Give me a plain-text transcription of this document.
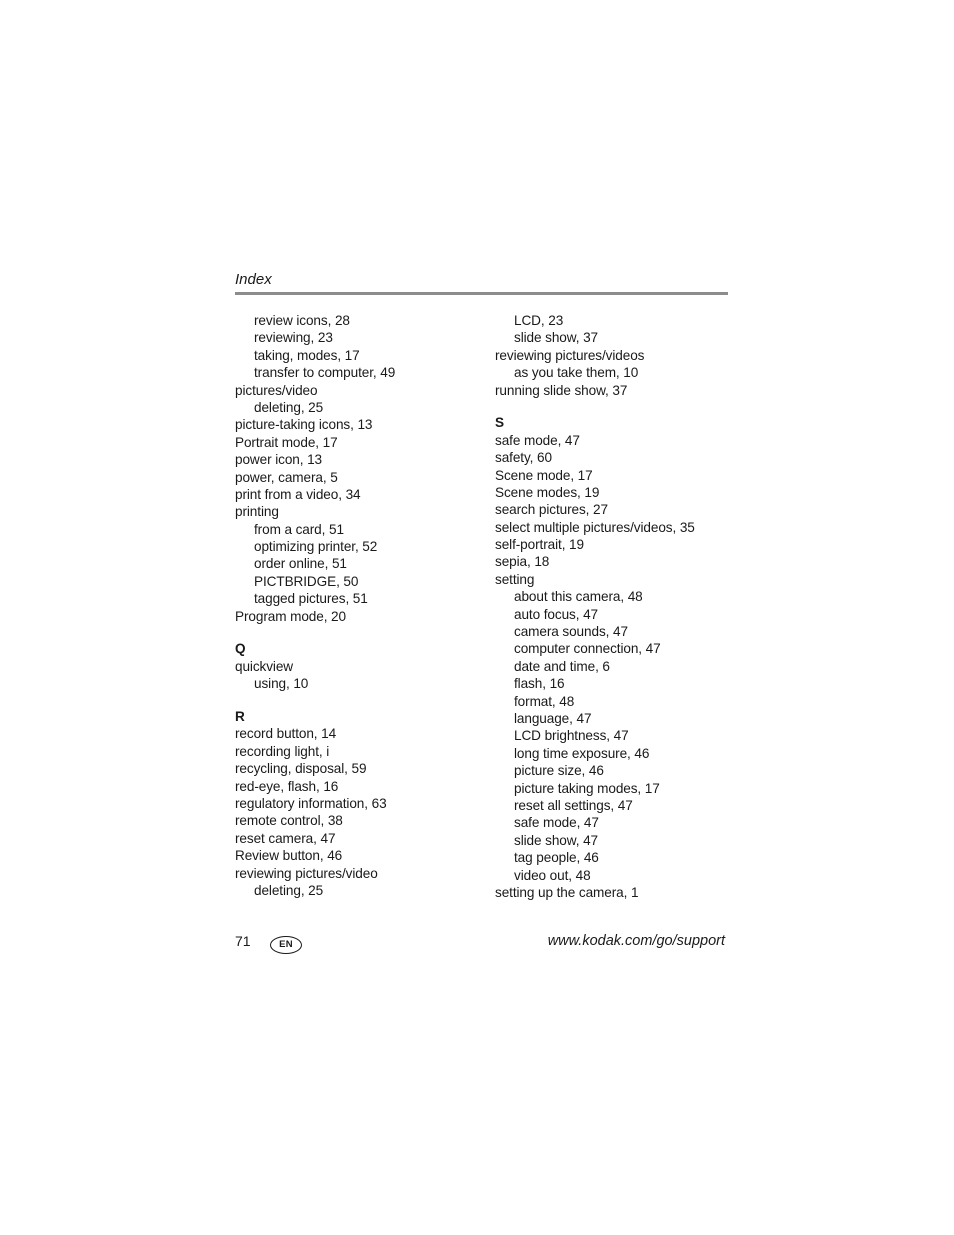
Index
review icons, 28
reviewing, 23
taking, modes, 17
transfer to computer, 49
pictures/video
deleting, 25
picture-taking icons, 13
Portrait mode, 17
power icon, 13
power, camera, 5
print from a video, 34
printing
from a card, 51
optimizing printer, 52
order online, 51
PICTBRIDGE, 50
tagged pictures, 51
Program mode, 20
Q
quickview
using, 10
R
record button, 14
recording light, i
recycling, disposal, 59
red-eye, flash, 16
regulatory information, 63
remote control, 38
reset camera, 47
Review button, 46
reviewing pictures/video
deleting, 25
LCD, 23
slide show, 37
reviewing pictures/videos
as you take them, 10
running slide show, 37
S
safe mode, 47
safety, 60
Scene mode, 17
Scene modes, 19
search pictures, 27
select multiple pictures/videos, 35
self-portrait, 19
sepia, 18
setting
about this camera, 48
auto focus, 47
camera sounds, 47
computer connection, 47
date and time, 6
flash, 16
format, 48
language, 47
LCD brightness, 47
long time exposure, 46
picture size, 46
picture taking modes, 17
reset all settings, 47
safe mode, 47
slide show, 47
tag people, 46
video out, 48
setting up the camera, 1
71	EN	www.kodak.com/go/support
